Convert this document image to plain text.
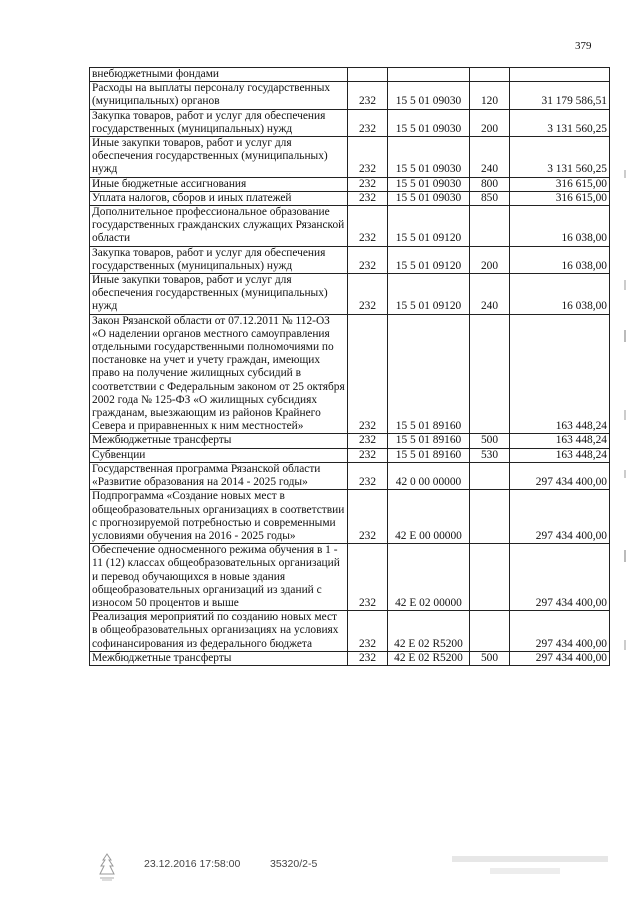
379
внебюджетными фондами				
Расходы на выплаты персоналу государственных (муниципальных) органов	232	15 5 01 09030	120	31 179 586,51
Закупка товаров, работ и услуг для обеспечения государственных (муниципальных) нужд	232	15 5 01 09030	200	3 131 560,25
Иные закупки товаров, работ и услуг для обеспечения государственных (муниципальных) нужд	232	15 5 01 09030	240	3 131 560,25
Иные бюджетные ассигнования	232	15 5 01 09030	800	316 615,00
Уплата налогов, сборов и иных платежей	232	15 5 01 09030	850	316 615,00
Дополнительное профессиональное образование государственных гражданских служащих Рязанской области	232	15 5 01 09120		16 038,00
Закупка товаров, работ и услуг для обеспечения государственных (муниципальных) нужд	232	15 5 01 09120	200	16 038,00
Иные закупки товаров, работ и услуг для обеспечения государственных (муниципальных) нужд	232	15 5 01 09120	240	16 038,00
Закон Рязанской области от 07.12.2011 № 112-ОЗ «О наделении органов местного самоуправления отдельными государственными полномочиями по постановке на учет и учету граждан, имеющих право на получение жилищных субсидий в соответствии с Федеральным законом от 25 октября 2002 года № 125-ФЗ «О жилищных субсидиях гражданам, выезжающим из районов Крайнего Севера и приравненных к ним местностей»	232	15 5 01 89160		163 448,24
Межбюджетные трансферты	232	15 5 01 89160	500	163 448,24
Субвенции	232	15 5 01 89160	530	163 448,24
Государственная программа Рязанской области «Развитие образования на 2014 - 2025 годы»	232	42 0 00 00000		297 434 400,00
Подпрограмма «Создание новых мест в общеобразовательных организациях в соответствии с прогнозируемой потребностью и современными условиями обучения на 2016 - 2025 годы»	232	42 Е 00 00000		297 434 400,00
Обеспечение односменного режима обучения в 1 - 11 (12) классах общеобразовательных организаций и перевод обучающихся в новые здания общеобразовательных организаций из зданий с износом 50 процентов и выше	232	42 Е 02 00000		297 434 400,00
Реализация мероприятий по созданию новых мест в общеобразовательных организациях на условиях софинансирования из федерального бюджета	232	42 Е 02 R5200		297 434 400,00
Межбюджетные трансферты	232	42 Е 02 R5200	500	297 434 400,00
23.12.2016 17:58:00	35320/2-5
